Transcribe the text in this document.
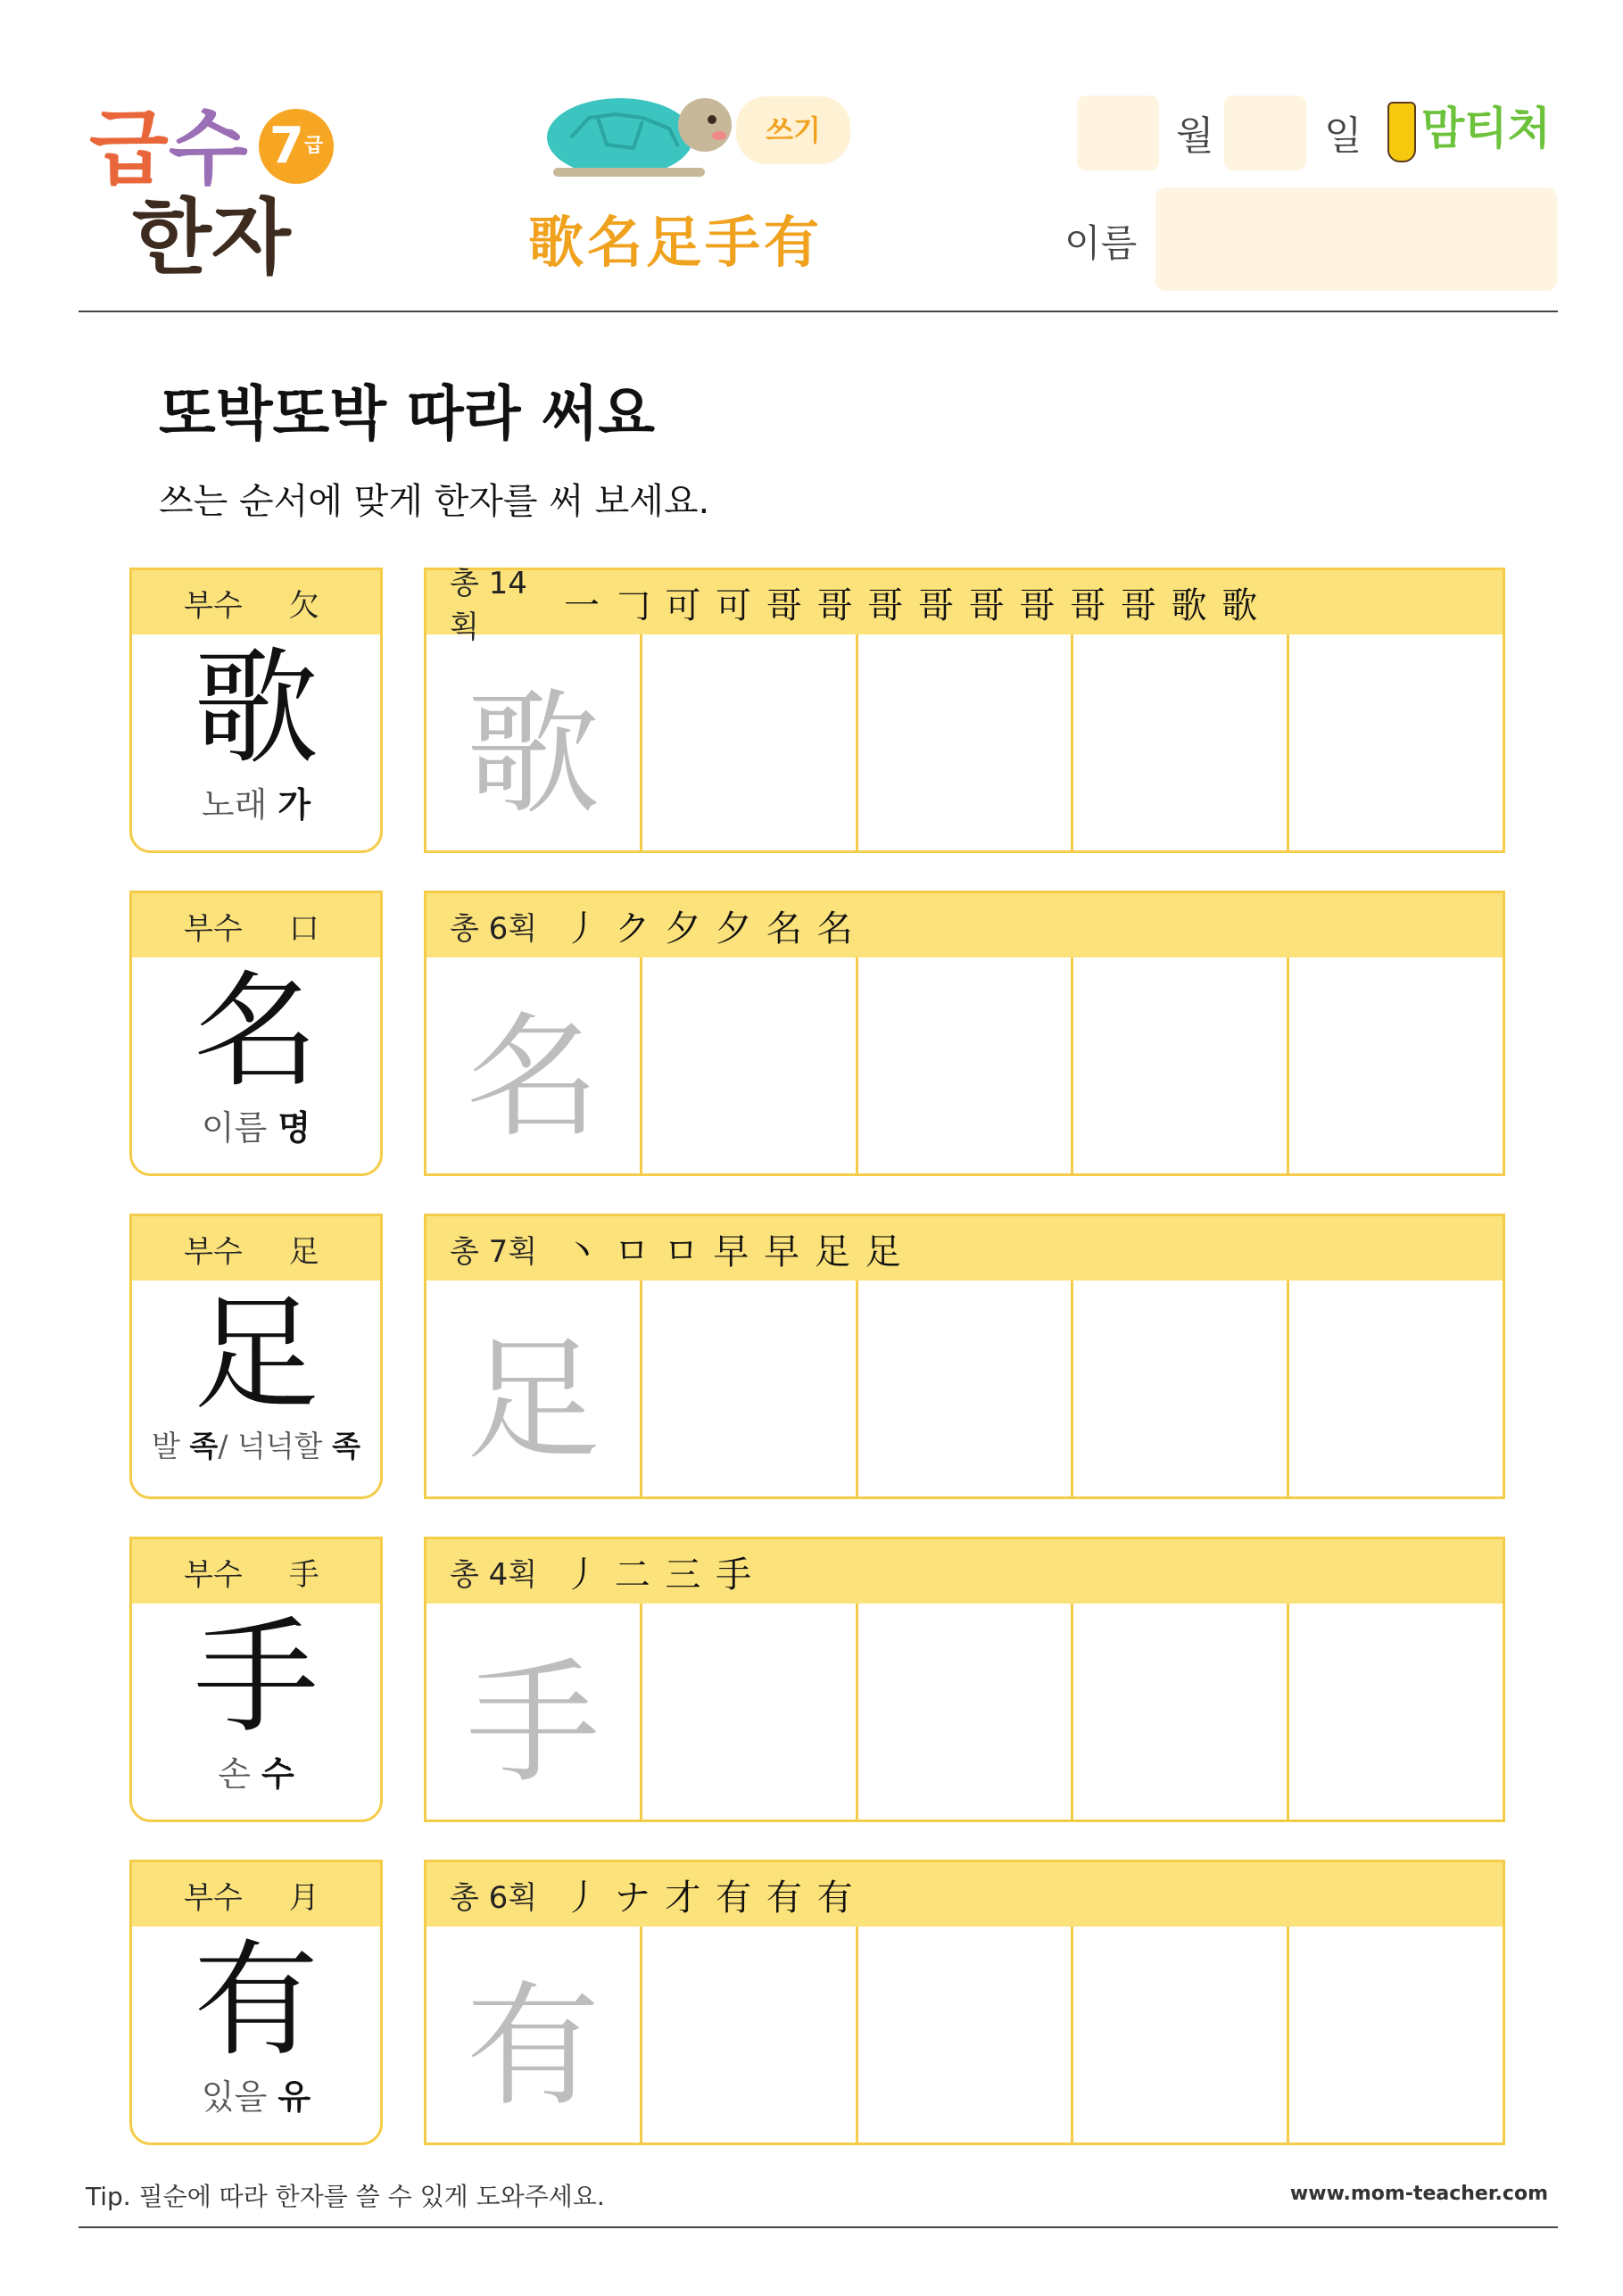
급수
한자
$7^급$	쓰기
歌名足手有
월	일	맘티처
이름
또박또박 따라 써요
쓰는 순서에 맞게 한자를 써 보세요.
부수 欠
歌
노래 가
총 14획
一 𠃌 可 可 哥 哥 哥 哥 哥 哥 哥 哥 歌 歌
歌
부수 口
名
이름 명
총 6획 丿 ク 夕 夕 名 名
名
부수 足
足
발 족/ 넉넉할 족
총 7획 丶 ㅁ ㅁ 早 早 足 足
足
부수 手
手
손 수
총 4획 丿 二 三 手
手
부수 月
有
있을 유
총 6획 丿 ナ 才 有 有 有
有
Tip. 필순에 따라 한자를 쓸 수 있게 도와주세요.	www.mom-teacher.com
